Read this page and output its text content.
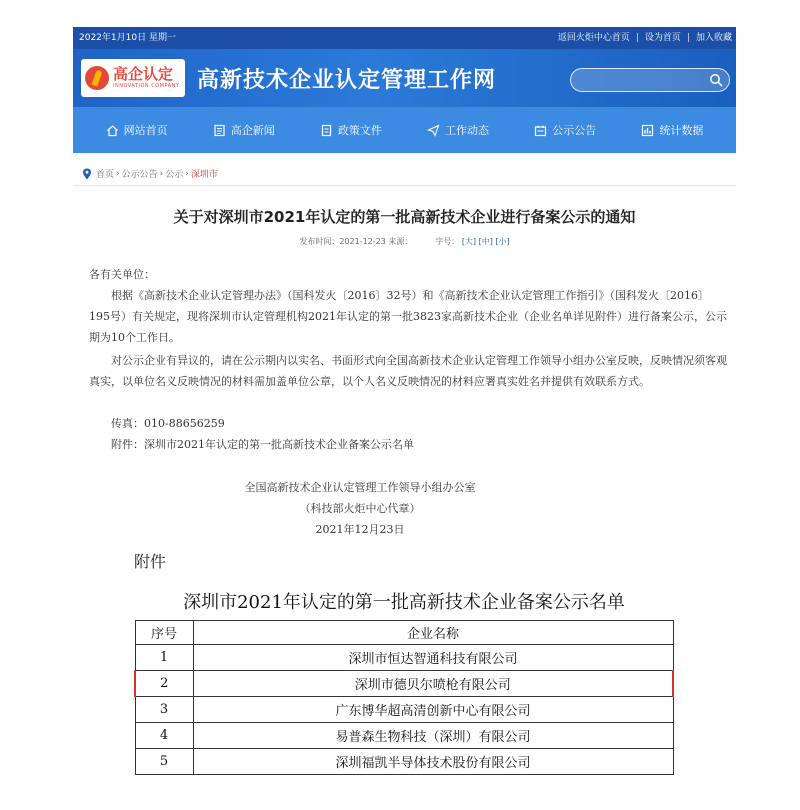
2022年1月10日 星期一	返回火炬中心首页 | 设为首页 | 加入收藏
高企认定
INNOVATION COMPANY 高新技术企业认定管理工作网
网站首页	高企新闻	政策文件	工作动态	公示公告	统计数据
首页 › 公示公告 › 公示 › 深圳市
关于对深圳市2021年认定的第一批高新技术企业进行备案公示的通知
发布时间：2021-12-23 来源：	字号： [大] [中] [小]
各有关单位：
根据《高新技术企业认定管理办法》（国科发火〔2016〕32号）和《高新技术企业认定管理工作指引》（国科发火〔2016〕195号）有关规定，现将深圳市认定管理机构2021年认定的第一批3823家高新技术企业（企业名单详见附件）进行备案公示，公示期为10个工作日。
对公示企业有异议的，请在公示期内以实名、书面形式向全国高新技术企业认定管理工作领导小组办公室反映，反映情况须客观真实，以单位名义反映情况的材料需加盖单位公章，以个人名义反映情况的材料应署真实姓名并提供有效联系方式。
传真：010-88656259
附件：深圳市2021年认定的第一批高新技术企业备案公示名单
全国高新技术企业认定管理工作领导小组办公室
（科技部火炬中心代章）
2021年12月23日
附件
深圳市2021年认定的第一批高新技术企业备案公示名单
序号	企业名称
1	深圳市恒达智通科技有限公司
2	深圳市德贝尔喷枪有限公司
3	广东博华超高清创新中心有限公司
4	易普森生物科技（深圳）有限公司
5	深圳福凯半导体技术股份有限公司
